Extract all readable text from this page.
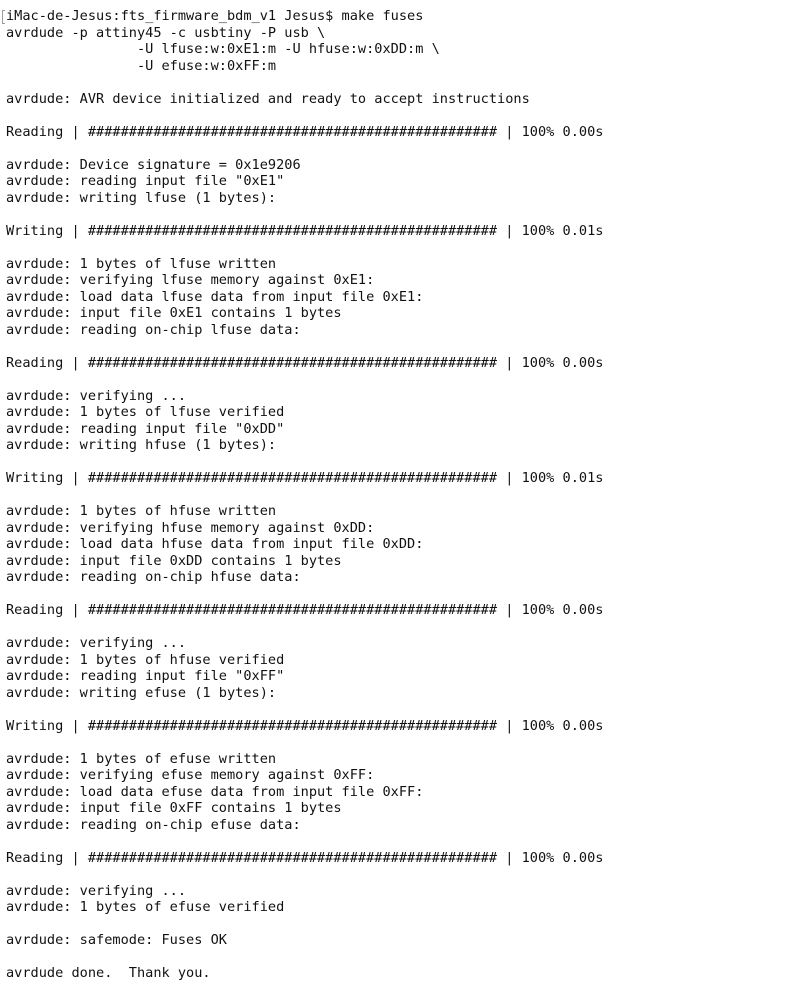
iMac-de-Jesus:fts_firmware_bdm_v1 Jesus$ make fuses
avrdude -p attiny45 -c usbtiny -P usb \
-U lfuse:w:0xE1:m -U hfuse:w:0xDD:m \
-U efuse:w:0xFF:m
avrdude: AVR device initialized and ready to accept instructions
Reading | ################################################## | 100% 0.00s
avrdude: Device signature = 0x1e9206
avrdude: reading input file "0xE1"
avrdude: writing lfuse (1 bytes):
Writing | ################################################## | 100% 0.01s
avrdude: 1 bytes of lfuse written
avrdude: verifying lfuse memory against 0xE1:
avrdude: load data lfuse data from input file 0xE1:
avrdude: input file 0xE1 contains 1 bytes
avrdude: reading on-chip lfuse data:
Reading | ################################################## | 100% 0.00s
avrdude: verifying ...
avrdude: 1 bytes of lfuse verified
avrdude: reading input file "0xDD"
avrdude: writing hfuse (1 bytes):
Writing | ################################################## | 100% 0.01s
avrdude: 1 bytes of hfuse written
avrdude: verifying hfuse memory against 0xDD:
avrdude: load data hfuse data from input file 0xDD:
avrdude: input file 0xDD contains 1 bytes
avrdude: reading on-chip hfuse data:
Reading | ################################################## | 100% 0.00s
avrdude: verifying ...
avrdude: 1 bytes of hfuse verified
avrdude: reading input file "0xFF"
avrdude: writing efuse (1 bytes):
Writing | ################################################## | 100% 0.00s
avrdude: 1 bytes of efuse written
avrdude: verifying efuse memory against 0xFF:
avrdude: load data efuse data from input file 0xFF:
avrdude: input file 0xFF contains 1 bytes
avrdude: reading on-chip efuse data:
Reading | ################################################## | 100% 0.00s
avrdude: verifying ...
avrdude: 1 bytes of efuse verified
avrdude: safemode: Fuses OK
avrdude done.  Thank you.
